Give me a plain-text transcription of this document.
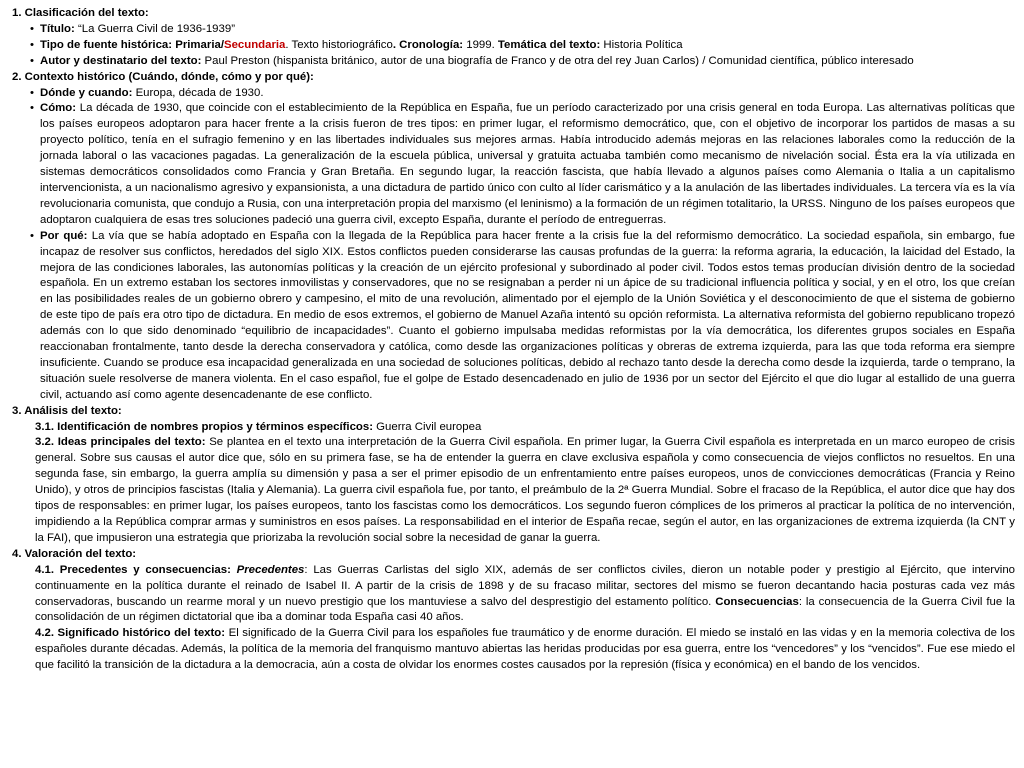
1. Clasificación del texto:
• Título: “La Guerra Civil de 1936-1939”
• Tipo de fuente histórica: Primaria/Secundaria. Texto historiográfico. Cronología: 1999. Temática del texto: Historia Política
• Autor y destinatario del texto: Paul Preston (hispanista británico, autor de una biografía de Franco y de otra del rey Juan Carlos) / Comunidad científica, público interesado
2. Contexto histórico (Cuándo, dónde, cómo y por qué):
• Dónde y cuando: Europa, década de 1930.
• Cómo: La década de 1930, que coincide con el establecimiento de la República en España, fue un período caracterizado por una crisis general en toda Europa. Las alternativas políticas que los países europeos adoptaron para hacer frente a la crisis fueron de tres tipos: en primer lugar, el reformismo democrático, que, con el objetivo de incorporar los partidos de masas a su proyecto político, tenía en el sufragio femenino y en las libertades individuales sus mejores armas. Había introducido además mejoras en las relaciones laborales como la reducción de la jornada laboral o las vacaciones pagadas. La generalización de la escuela pública, universal y gratuita actuaba también como mecanismo de nivelación social. Ésta era la vía utilizada en sistemas democráticos consolidados como Francia y Gran Bretaña. En segundo lugar, la reacción fascista, que había llevado a algunos países como Alemania o Italia a un capitalismo intervencionista, a un nacionalismo agresivo y expansionista, a una dictadura de partido único con culto al líder carismático y a la anulación de las libertades individuales. La tercera vía es la vía revolucionaria comunista, que condujo a Rusia, con una interpretación propia del marxismo (el leninismo) a la formación de un régimen totalitario, la URSS. Ninguno de los países europeos que adoptaron cualquiera de esas tres soluciones padeció una guerra civil, excepto España, durante el período de entreguerras.
• Por qué: La vía que se había adoptado en España con la llegada de la República para hacer frente a la crisis fue la del reformismo democrático. La sociedad española, sin embargo, fue incapaz de resolver sus conflictos, heredados del siglo XIX. Estos conflictos pueden considerarse las causas profundas de la guerra: la reforma agraria, la educación, la laicidad del Estado, la mejora de las condiciones laborales, las autonomías políticas y la creación de un ejército profesional y subordinado al poder civil. Todos estos temas producían división dentro de la sociedad española. En un extremo estaban los sectores inmovilistas y conservadores, que no se resignaban a perder ni un ápice de su tradicional influencia política y social, y en el otro, los que creían en las posibilidades reales de un gobierno obrero y campesino, el mito de una revolución, alimentado por el ejemplo de la Unión Soviética y el desconocimiento de que el sistema de gobierno de este tipo de país era otro tipo de dictadura. En medio de esos extremos, el gobierno de Manuel Azaña intentó su opción reformista. La alternativa reformista del gobierno republicano tropezó además con lo que sido denominado “equilibrio de incapacidades”. Cuanto el gobierno impulsaba medidas reformistas por la vía democrática, los diferentes grupos sociales en España reaccionaban frontalmente, tanto desde la derecha conservadora y católica, como desde las organizaciones políticas y obreras de extrema izquierda, para las que toda reforma era siempre insuficiente. Cuando se produce esa incapacidad generalizada en una sociedad de soluciones políticas, debido al rechazo tanto desde la derecha como desde la izquierda, tarde o temprano, la situación suele resolverse de manera violenta. En el caso español, fue el golpe de Estado desencadenado en julio de 1936 por un sector del Ejército el que dio lugar al estallido de una guerra civil, actuando así como agente desencadenante de ese conflicto.
3. Análisis del texto:
3.1. Identificación de nombres propios y términos específicos: Guerra Civil europea
3.2. Ideas principales del texto: Se plantea en el texto una interpretación de la Guerra Civil española. En primer lugar, la Guerra Civil española es interpretada en un marco europeo de crisis general. Sobre sus causas el autor dice que, sólo en su primera fase, se ha de entender la guerra en clave exclusiva española y como consecuencia de viejos conflictos no resueltos. En una segunda fase, sin embargo, la guerra amplía su dimensión y pasa a ser el primer episodio de un enfrentamiento entre países europeos, unos de convicciones democráticas (Francia y Reino Unido), y otros de principios fascistas (Italia y Alemania). La guerra civil española fue, por tanto, el preámbulo de la 2ª Guerra Mundial. Sobre el fracaso de la República, el autor dice que hay dos tipos de responsables: en primer lugar, los países europeos, tanto los fascistas como los democráticos. Los segundo fueron cómplices de los primeros al practicar la política de no intervención, impidiendo a la República comprar armas y suministros en esos países. La responsabilidad en el interior de España recae, según el autor, en las organizaciones de extrema izquierda (la CNT y la FAI), que impusieron una estrategia que priorizaba la revolución social sobre la necesidad de ganar la guerra.
4. Valoración del texto:
4.1. Precedentes y consecuencias: Precedentes: Las Guerras Carlistas del siglo XIX, además de ser conflictos civiles, dieron un notable poder y prestigio al Ejército, que intervino continuamente en la política durante el reinado de Isabel II. A partir de la crisis de 1898 y de su fracaso militar, sectores del mismo se fueron decantando hacia posturas cada vez más conservadoras, buscando un rearme moral y un nuevo prestigio que los mantuviese a salvo del desprestigio del estamento político. Consecuencias: la consecuencia de la Guerra Civil fue la consolidación de un régimen dictatorial que iba a dominar toda España casi 40 años.
4.2. Significado histórico del texto: El significado de la Guerra Civil para los españoles fue traumático y de enorme duración. El miedo se instaló en las vidas y en la memoria colectiva de los españoles durante décadas. Además, la política de la memoria del franquismo mantuvo abiertas las heridas producidas por esa guerra, entre los “vencedores” y los “vencidos”. Fue ese miedo el que facilitó la transición de la dictadura a la democracia, aún a costa de olvidar los enormes costes causados por la represión (física y económica) en el bando de los vencidos.
